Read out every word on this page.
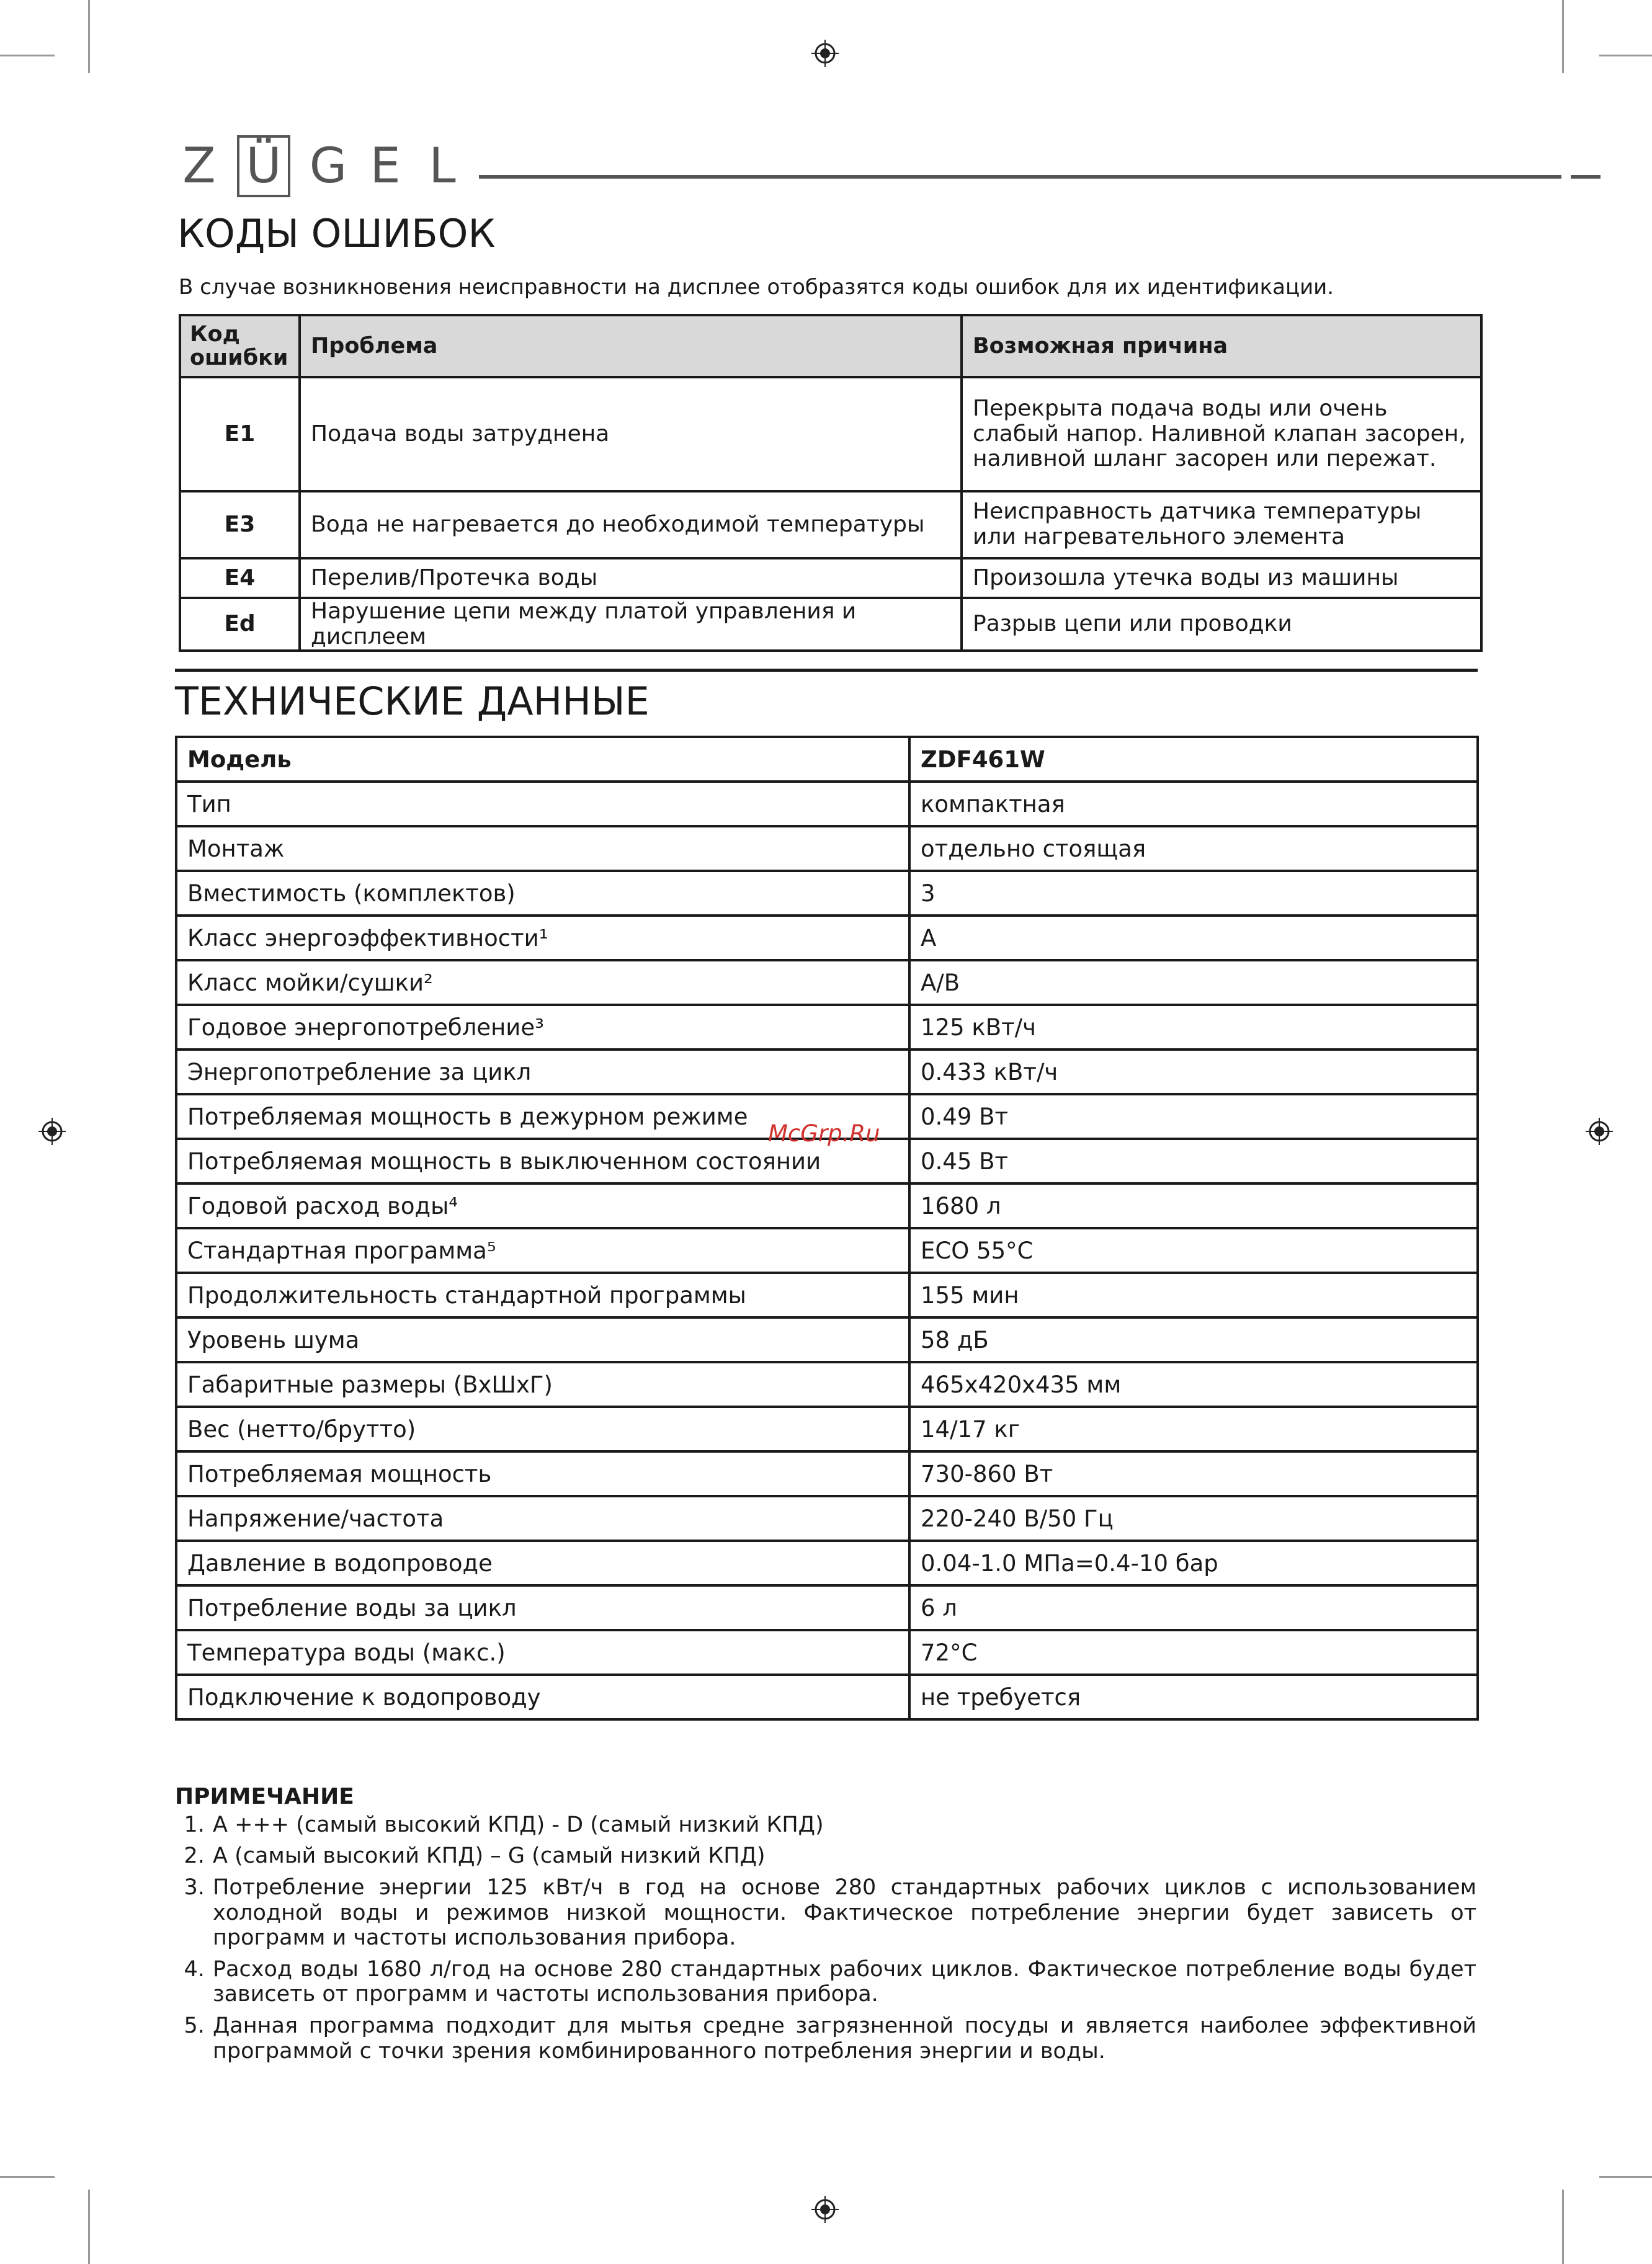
Z Ü G E L
КОДЫ ОШИБОК
В случае возникновения неисправности на дисплее отобразятся коды ошибок для их идентификации.
Код ошибки	Проблема	Возможная причина
E1	Подача воды затруднена	Перекрыта подача воды или очень слабый напор. Наливной клапан засорен, наливной шланг засорен или пережат.
E3	Вода не нагревается до необходимой температуры	Неисправность датчика температуры или нагревательного элемента
E4	Перелив/Протечка воды	Произошла утечка воды из машины
Ed	Нарушение цепи между платой управления и дисплеем	Разрыв цепи или проводки
ТЕХНИЧЕСКИЕ ДАННЫЕ
Модель	ZDF461W
Тип	компактная
Монтаж	отдельно стоящая
Вместимость (комплектов)	3
Класс энергоэффективности¹	A
Класс мойки/сушки²	A/B
Годовое энергопотребление³	125 кВт/ч
Энергопотребление за цикл	0.433 кВт/ч
Потребляемая мощность в дежурном режиме	0.49 Вт
Потребляемая мощность в выключенном состоянии	0.45 Вт
Годовой расход воды⁴	1680 л
Стандартная программа⁵	ECO 55°C
Продолжительность стандартной программы	155 мин
Уровень шума	58 дБ
Габаритные размеры (ВхШхГ)	465x420x435 мм
Вес (нетто/брутто)	14/17 кг
Потребляемая мощность	730-860 Вт
Напряжение/частота	220-240 В/50 Гц
Давление в водопроводе	0.04-1.0 МПа=0.4-10 бар
Потребление воды за цикл	6 л
Температура воды (макс.)	72°C
Подключение к водопроводу	не требуется
McGrp.Ru
ПРИМЕЧАНИЕ
1. A +++ (самый высокий КПД) - D (самый низкий КПД)
2. A (самый высокий КПД) – G (самый низкий КПД)
3. Потребление энергии 125 кВт/ч в год на основе 280 стандартных рабочих циклов с использованием холодной воды и режимов низкой мощности. Фактическое потребление энергии будет зависеть от программ и частоты использования прибора.
4. Расход воды 1680 л/год на основе 280 стандартных рабочих циклов. Фактическое потребление воды будет зависеть от программ и частоты использования прибора.
5. Данная программа подходит для мытья средне загрязненной посуды и является наиболее эффективной программой с точки зрения комбинированного потребления энергии и воды.
